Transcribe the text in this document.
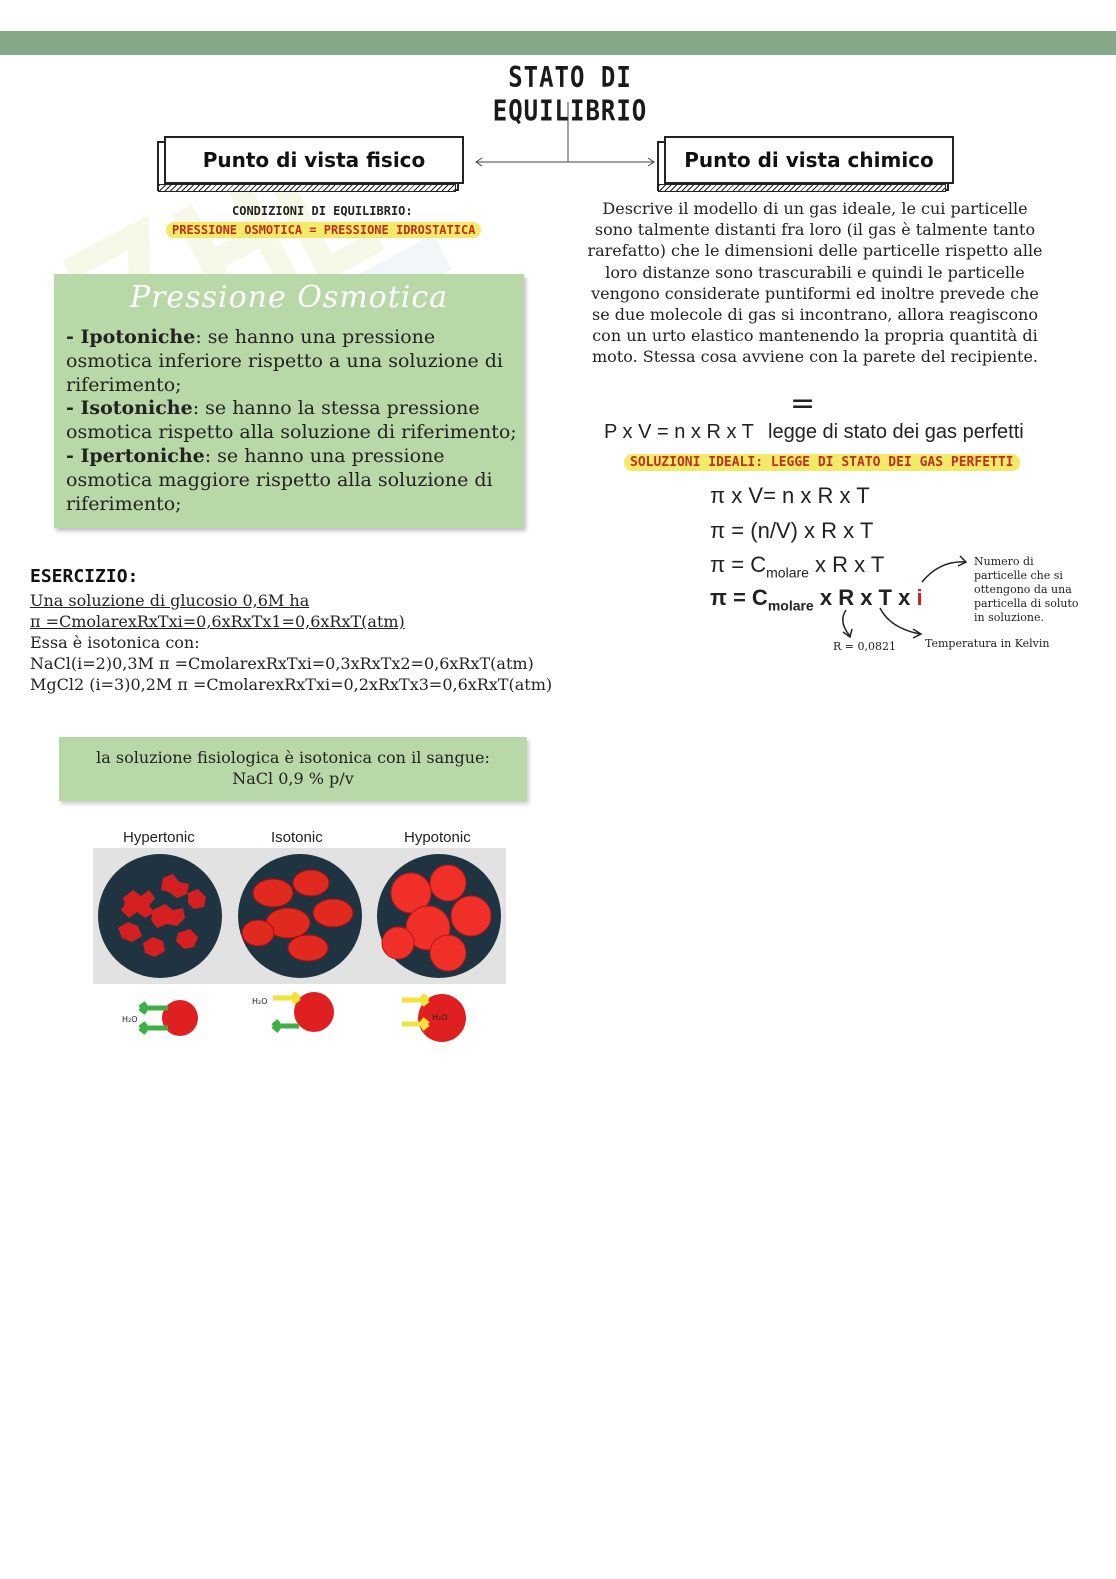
STATO DI EQUILIBRIO
Punto di vista fisico	Punto di vista chimico
CONDIZIONI DI EQUILIBRIO:
PRESSIONE OSMOTICA = PRESSIONE IDROSTATICA
Pressione Osmotica
- Ipotoniche: se hanno una pressione osmotica inferiore rispetto a una soluzione di riferimento;
- Isotoniche: se hanno la stessa pressione osmotica rispetto alla soluzione di riferimento;
- Ipertoniche: se hanno una pressione osmotica maggiore rispetto alla soluzione di riferimento;
Descrive il modello di un gas ideale, le cui particelle sono talmente distanti fra loro (il gas è talmente tanto rarefatto) che le dimensioni delle particelle rispetto alle loro distanze sono trascurabili e quindi le particelle vengono considerate puntiformi ed inoltre prevede che se due molecole di gas si incontrano, allora reagiscono con un urto elastico mantenendo la propria quantità di moto. Stessa cosa avviene con la parete del recipiente.
=
P x V = n x R x T legge di stato dei gas perfetti
SOLUZIONI IDEALI: LEGGE DI STATO DEI GAS PERFETTI
π x V= n x R x T
π = (n/V) x R x T
$\pi = C_{molare}$ x R x T
$\pi = C_{molare}$ x R x T x i
Numero di particelle che si ottengono da una particella di soluto in soluzione.
R = 0,0821	Temperatura in Kelvin
ESERCIZIO:
Una soluzione di glucosio 0,6M ha
π =CmolarexRxTxi=0,6xRxTx1=0,6xRxT(atm)
Essa è isotonica con:
NaCl(i=2)0,3M π =CmolarexRxTxi=0,3xRxTx2=0,6xRxT(atm)
MgCl2 (i=3)0,2M π =CmolarexRxTxi=0,2xRxTx3=0,6xRxT(atm)
la soluzione fisiologica è isotonica con il sangue:
NaCl 0,9 % p/v
Hypertonic	Isotonic	Hypotonic
H₂O
H₂O
H₂O
